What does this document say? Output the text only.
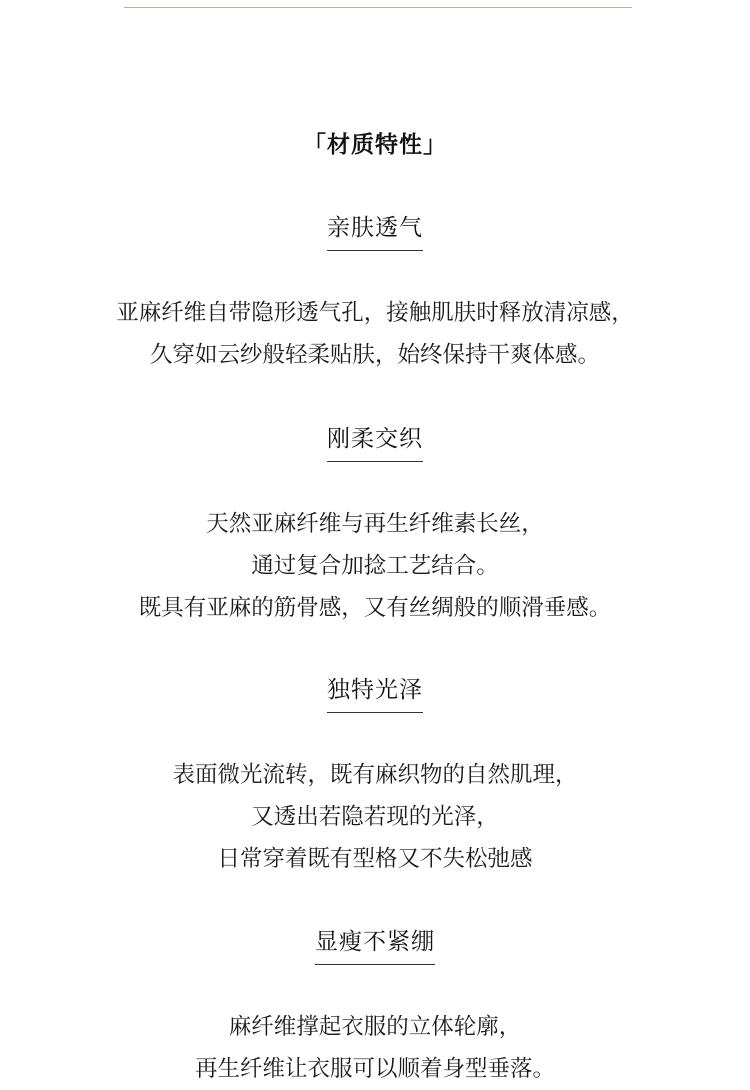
「材质特性」
亲肤透气
亚麻纤维自带隐形透气孔，接触肌肤时释放清凉感，
久穿如云纱般轻柔贴肤，始终保持干爽体感。
刚柔交织
天然亚麻纤维与再生纤维素长丝，
通过复合加捻工艺结合。
既具有亚麻的筋骨感，又有丝绸般的顺滑垂感。
独特光泽
表面微光流转，既有麻织物的自然肌理，
又透出若隐若现的光泽，
日常穿着既有型格又不失松弛感
显瘦不紧绷
麻纤维撑起衣服的立体轮廓，
再生纤维让衣服可以顺着身型垂落。
